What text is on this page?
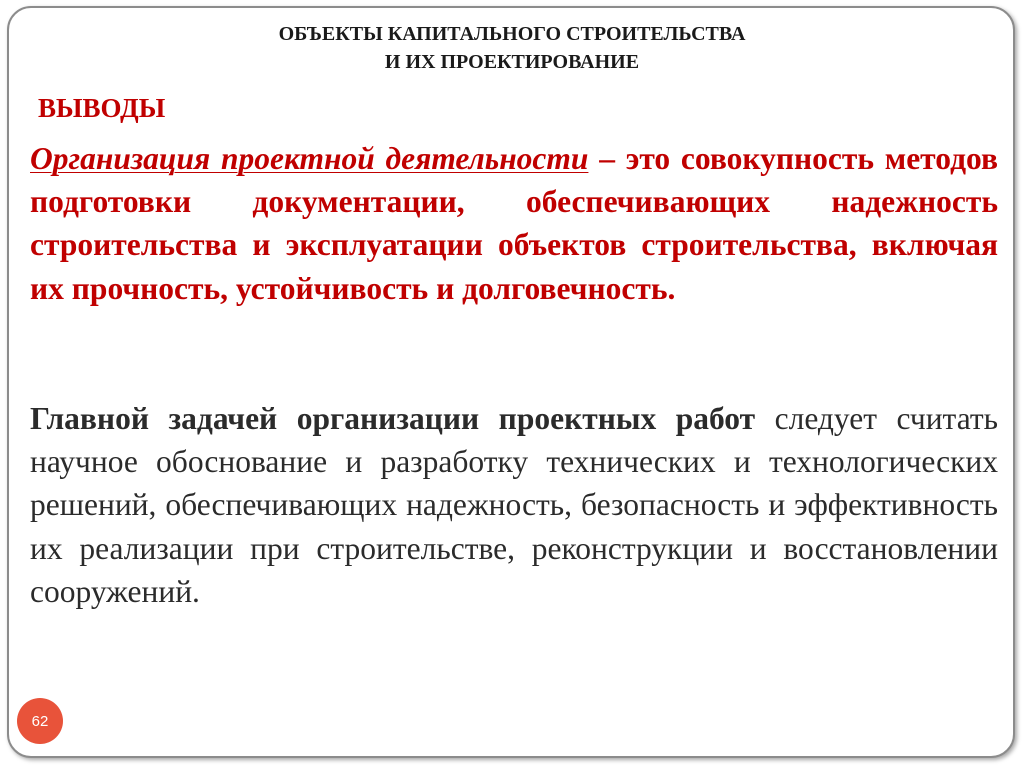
ОБЪЕКТЫ КАПИТАЛЬНОГО СТРОИТЕЛЬСТВА
И ИХ ПРОЕКТИРОВАНИЕ
ВЫВОДЫ
Организация проектной деятельности – это совокупность методов подготовки документации, обеспечивающих надежность строительства и эксплуатации объектов строительства, включая их прочность, устойчивость и долговечность.
Главной задачей организации проектных работ следует считать научное обоснование и разработку технических и технологических решений, обеспечивающих надежность, безопасность и эффективность их реализации при строительстве, реконструкции и восстановлении сооружений.
62
